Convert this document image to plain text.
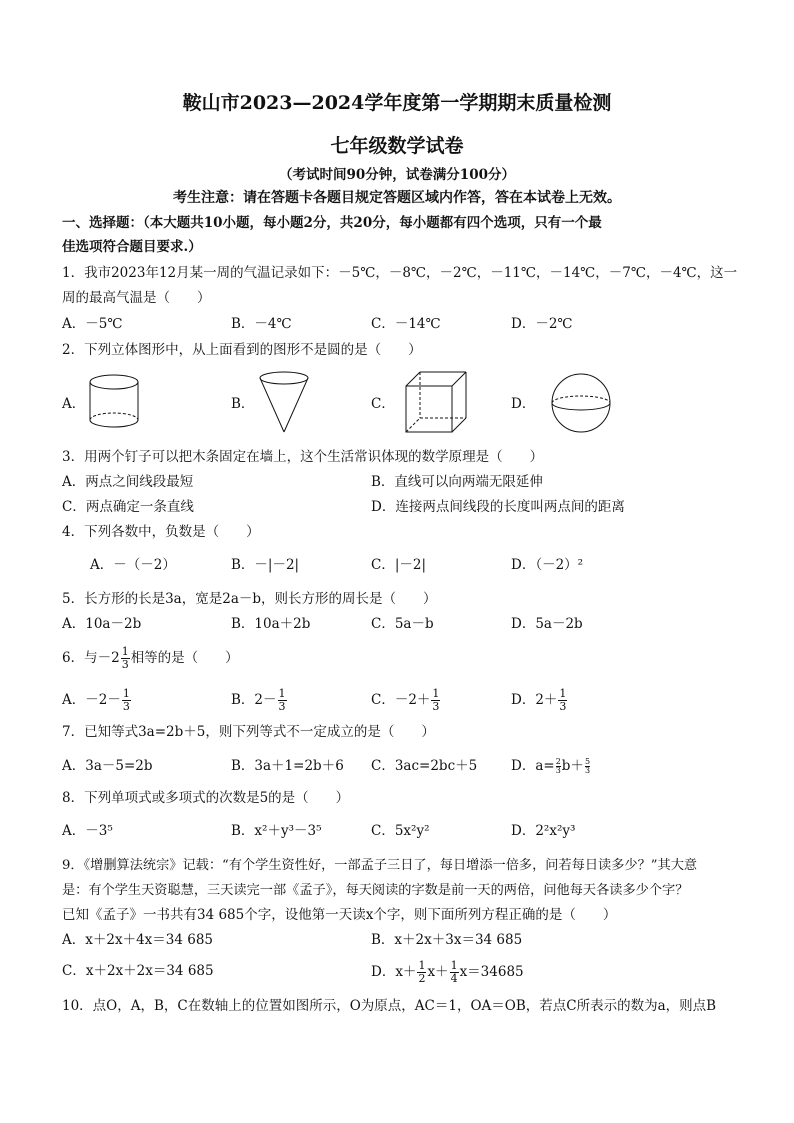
鞍山市2023—2024学年度第一学期期末质量检测
七年级数学试卷
（考试时间90分钟，试卷满分100分）
考生注意：请在答题卡各题目规定答题区域内作答，答在本试卷上无效。
一、选择题：（本大题共10小题，每小题2分，共20分，每小题都有四个选项，只有一个最
佳选项符合题目要求.）
1．我市2023年12月某一周的气温记录如下：－5℃，－8℃，－2℃，－11℃，－14℃，－7℃，－4℃，这一
周的最高气温是（　　）
A．－5℃	B．－4℃	C．－14℃	D．－2℃
2．下列立体图形中，从上面看到的图形不是圆的是（　　）
A．	B．	C．	D．
3．用两个钉子可以把木条固定在墙上，这个生活常识体现的数学原理是（　　）
A．两点之间线段最短	B．直线可以向两端无限延伸
C．两点确定一条直线	D．连接两点间线段的长度叫两点间的距离
4．下列各数中，负数是（　　）
A．－（－2）	B．－|－2|	C．|－2|	D．（－2）²
5．长方形的长是3a，宽是2a－b，则长方形的周长是（　　）
A．10a－2b	B．10a＋2b	C．5a－b	D．5a－2b
6．与$-2 \frac{1}{3}$ 相等的是（　　）
A．$-2- \frac{1}{3}$	B．$2- \frac{1}{3}$	C．$-2+ \frac{1}{3}$	D．$2+ \frac{1}{3}$
7．已知等式3a=2b＋5，则下列等式不一定成立的是（　　）
A．3a－5=2b	B．3a＋1=2b＋6 C．3ac=2bc＋5	D．$a= \frac{2}{3} b+ \frac{5}{3}$
8．下列单项式或多项式的次数是5的是（　　）
A．－3⁵	B．x²＋y³－3⁵	C．5x²y²	D．2²x²y³
9．《增删算法统宗》记载：“有个学生资性好，一部孟子三日了，每日增添一倍多，问若每日读多少？”其大意
是：有个学生天资聪慧，三天读完一部《孟子》，每天阅读的字数是前一天的两倍，问他每天各读多少个字？
已知《孟子》一书共有34 685个字，设他第一天读x个字，则下面所列方程正确的是（　　）
A．x＋2x＋4x＝34 685	B．x＋2x＋3x＝34 685
C．x＋2x＋2x＝34 685	D．$x+ \frac{1}{2} x+ \frac{1}{4} x=34685$
10．点O，A，B，C在数轴上的位置如图所示，O为原点，AC＝1，OA＝OB，若点C所表示的数为a，则点B
